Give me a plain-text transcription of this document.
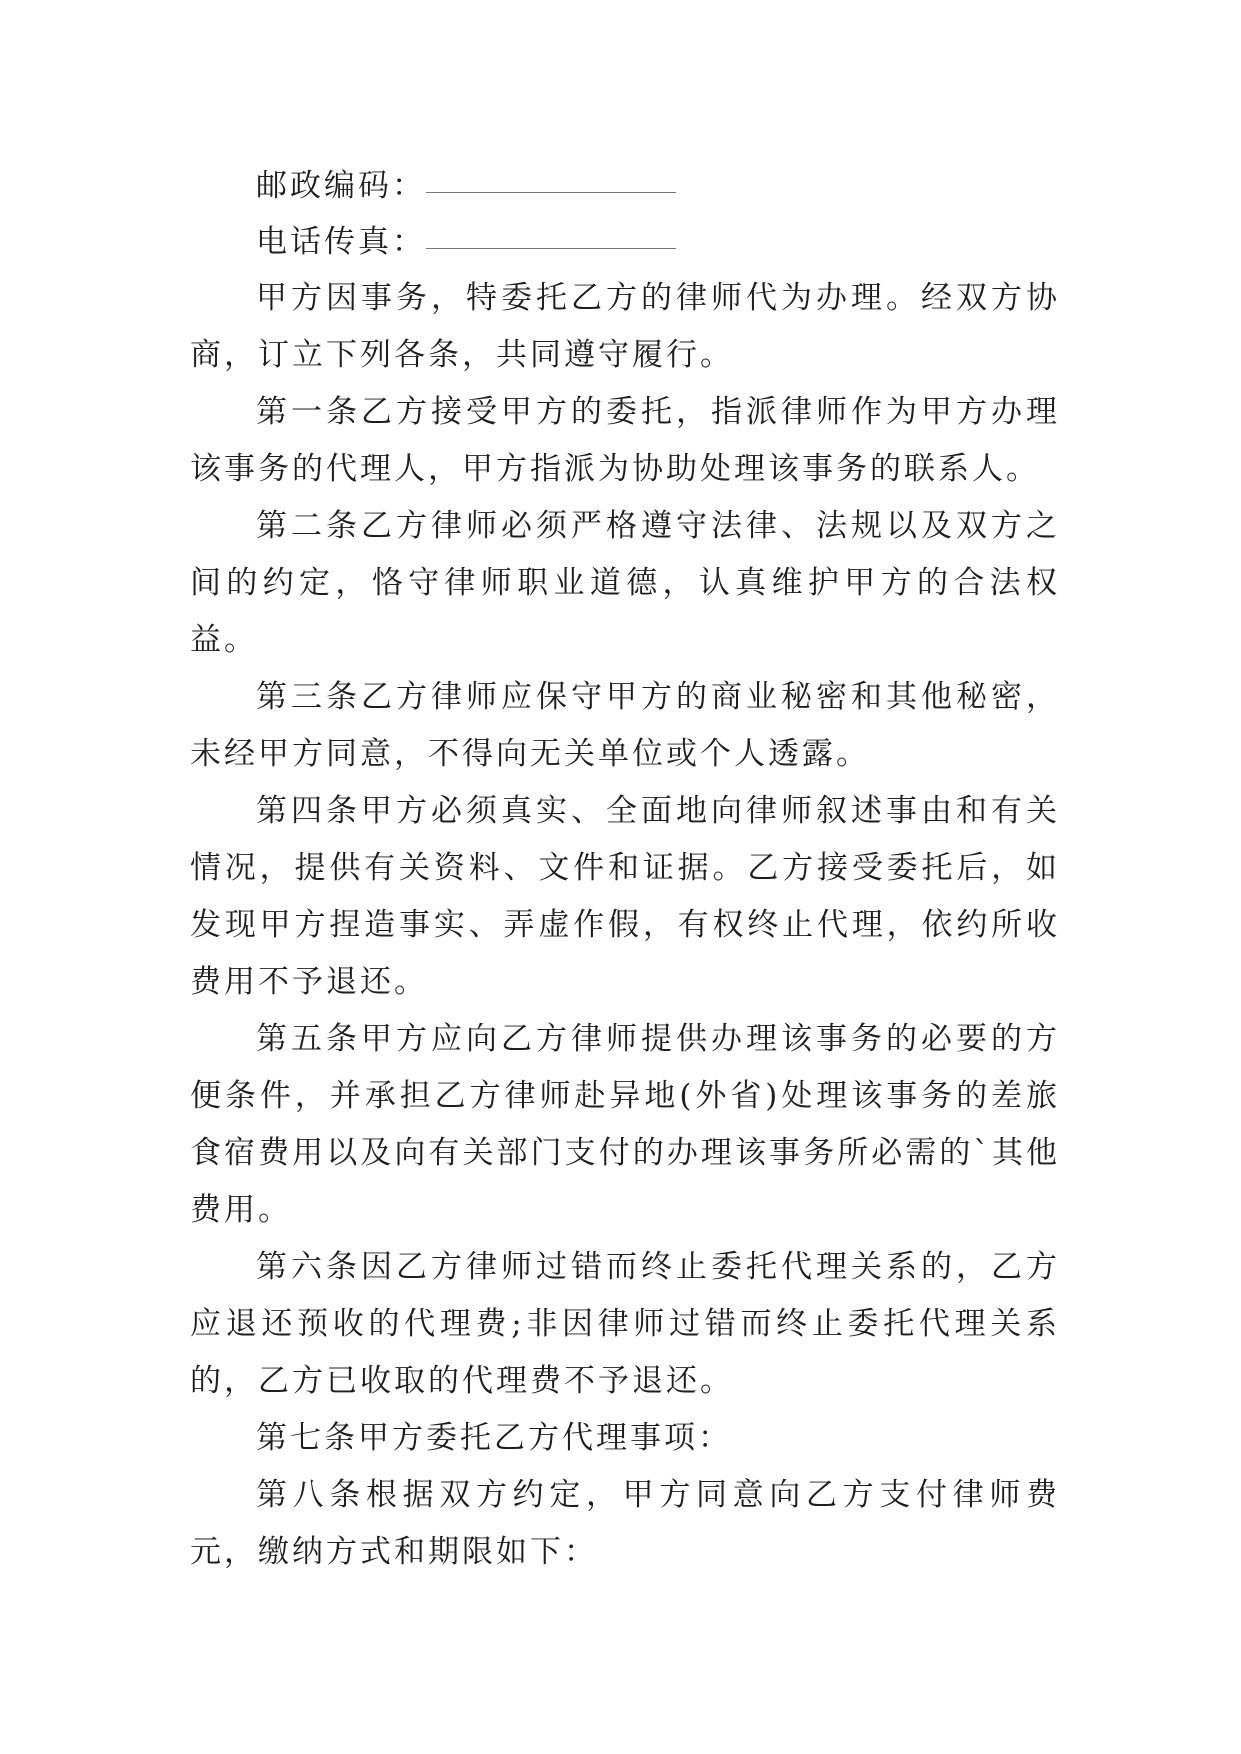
邮政编码：
电话传真：

甲方因事务，特委托乙方的律师代为办理。经双方协商，订立下列各条，共同遵守履行。

第一条乙方接受甲方的委托，指派律师作为甲方办理该事务的代理人，甲方指派为协助处理该事务的联系人。

第二条乙方律师必须严格遵守法律、法规以及双方之间的约定，恪守律师职业道德，认真维护甲方的合法权益。

第三条乙方律师应保守甲方的商业秘密和其他秘密，未经甲方同意，不得向无关单位或个人透露。

第四条甲方必须真实、全面地向律师叙述事由和有关情况，提供有关资料、文件和证据。乙方接受委托后，如发现甲方捏造事实、弄虚作假，有权终止代理，依约所收费用不予退还。

第五条甲方应向乙方律师提供办理该事务的必要的方便条件，并承担乙方律师赴异地(外省)处理该事务的差旅食宿费用以及向有关部门支付的办理该事务所必需的`其他费用。

第六条因乙方律师过错而终止委托代理关系的，乙方应退还预收的代理费;非因律师过错而终止委托代理关系的，乙方已收取的代理费不予退还。

第七条甲方委托乙方代理事项：

第八条根据双方约定，甲方同意向乙方支付律师费元，缴纳方式和期限如下：
